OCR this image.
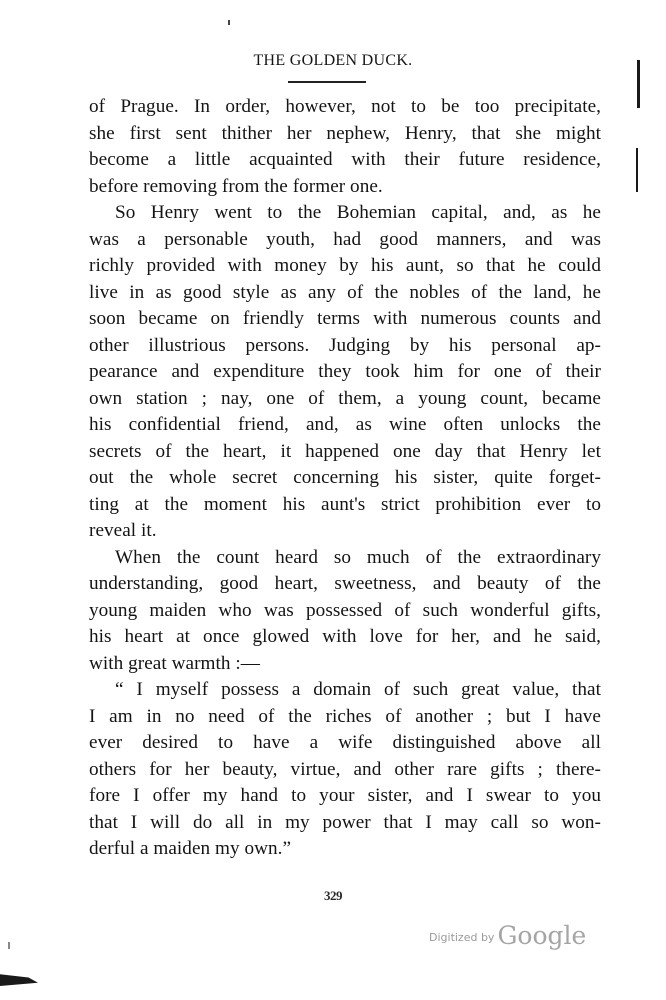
THE GOLDEN DUCK.
of Prague. In order, however, not to be too precipitate,
she first sent thither her nephew, Henry, that she might
become a little acquainted with their future residence,
before removing from the former one.
So Henry went to the Bohemian capital, and, as he
was a personable youth, had good manners, and was
richly provided with money by his aunt, so that he could
live in as good style as any of the nobles of the land, he
soon became on friendly terms with numerous counts and
other illustrious persons. Judging by his personal ap-
pearance and expenditure they took him for one of their
own station ; nay, one of them, a young count, became
his confidential friend, and, as wine often unlocks the
secrets of the heart, it happened one day that Henry let
out the whole secret concerning his sister, quite forget-
ting at the moment his aunt's strict prohibition ever to
reveal it.
When the count heard so much of the extraordinary
understanding, good heart, sweetness, and beauty of the
young maiden who was possessed of such wonderful gifts,
his heart at once glowed with love for her, and he said,
with great warmth :—
“ I myself possess a domain of such great value, that
I am in no need of the riches of another ; but I have
ever desired to have a wife distinguished above all
others for her beauty, virtue, and other rare gifts ; there-
fore I offer my hand to your sister, and I swear to you
that I will do all in my power that I may call so won-
derful a maiden my own.”
329
Digitized by Google
